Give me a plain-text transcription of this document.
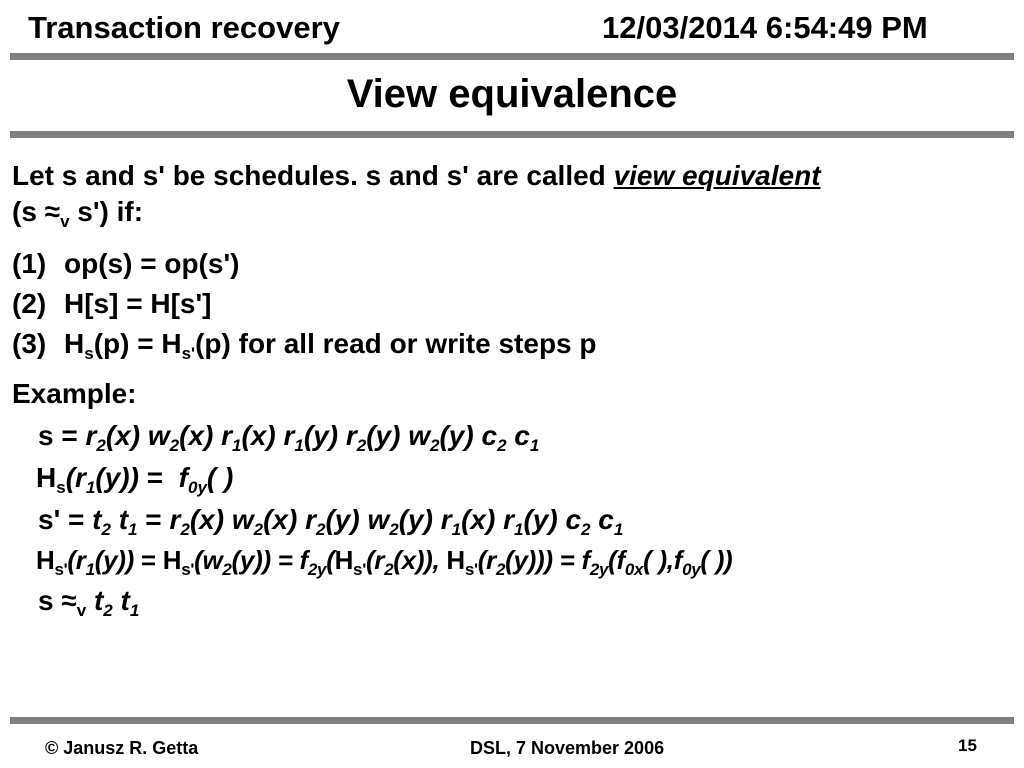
Transaction recovery	12/03/2014 6:54:49 PM
View equivalence
Let s and s' be schedules. s and s' are called view equivalent
($s \approx_v$ s') if:
(1) op(s) = op(s')
(2) H[s] = H[s']
(3) $H_s(p) = H_{s'}(p)$ for all read or write steps p
Example:
$s = r_2(x)$ $w_2(x)$ $r_1(x)$ $r_1(y)$ $r_2(y)$ $w_2(y)$ $c_2$ $c_1$
$H_s(r_1(y)) = f_{0y}$( )
$s' = t_2$ $t_1 = r_2(x)$ $w_2(x)$ $r_2(y)$ $w_2(y)$ $r_1(x)$ $r_1(y)$ $c_2$ $c_1$
$H_{s'}(r_1(y)) = H_{s'}(w_2(y)) = f_{2y}(H_{s'}(r_2(x))$, $H_{s'}(r_2(y))) = f_{2y}(f_{0x}$( )$,f_{0y}$( ))
$s \approx_v$ $t_2$ $t_1$
© Janusz R. Getta	DSL, 7 November 2006	15
